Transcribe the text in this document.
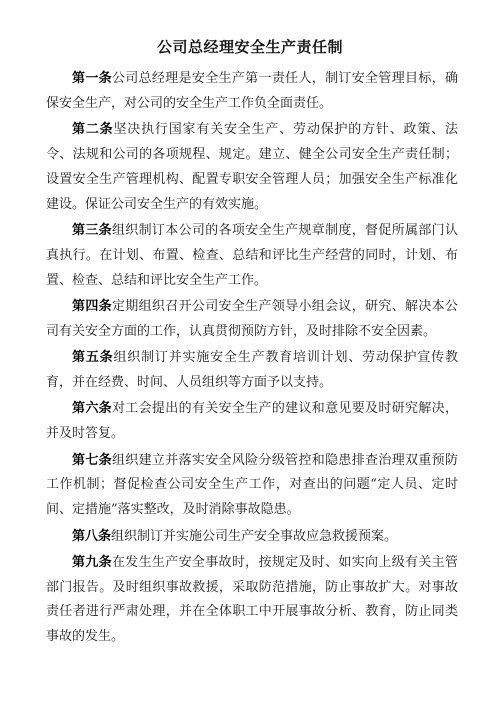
公司总经理安全生产责任制

第一条公司总经理是安全生产第一责任人，制订安全管理目标，确保安全生产，对公司的安全生产工作负全面责任。

第二条坚决执行国家有关安全生产、劳动保护的方针、政策、法令、法规和公司的各项规程、规定。建立、健全公司安全生产责任制；设置安全生产管理机构、配置专职安全管理人员；加强安全生产标准化建设。保证公司安全生产的有效实施。

第三条组织制订本公司的各项安全生产规章制度，督促所属部门认真执行。在计划、布置、检查、总结和评比生产经营的同时，计划、布置、检查、总结和评比安全生产工作。

第四条定期组织召开公司安全生产领导小组会议，研究、解决本公司有关安全方面的工作，认真贯彻预防方针，及时排除不安全因素。

第五条组织制订并实施安全生产教育培训计划、劳动保护宣传教育，并在经费、时间、人员组织等方面予以支持。

第六条对工会提出的有关安全生产的建议和意见要及时研究解决，并及时答复。

第七条组织建立并落实安全风险分级管控和隐患排查治理双重预防工作机制；督促检查公司安全生产工作，对查出的问题“定人员、定时间、定措施”落实整改，及时消除事故隐患。

第八条组织制订并实施公司生产安全事故应急救援预案。

第九条在发生生产安全事故时，按规定及时、如实向上级有关主管部门报告。及时组织事故救援，采取防范措施，防止事故扩大。对事故责任者进行严肃处理，并在全体职工中开展事故分析、教育，防止同类事故的发生。
